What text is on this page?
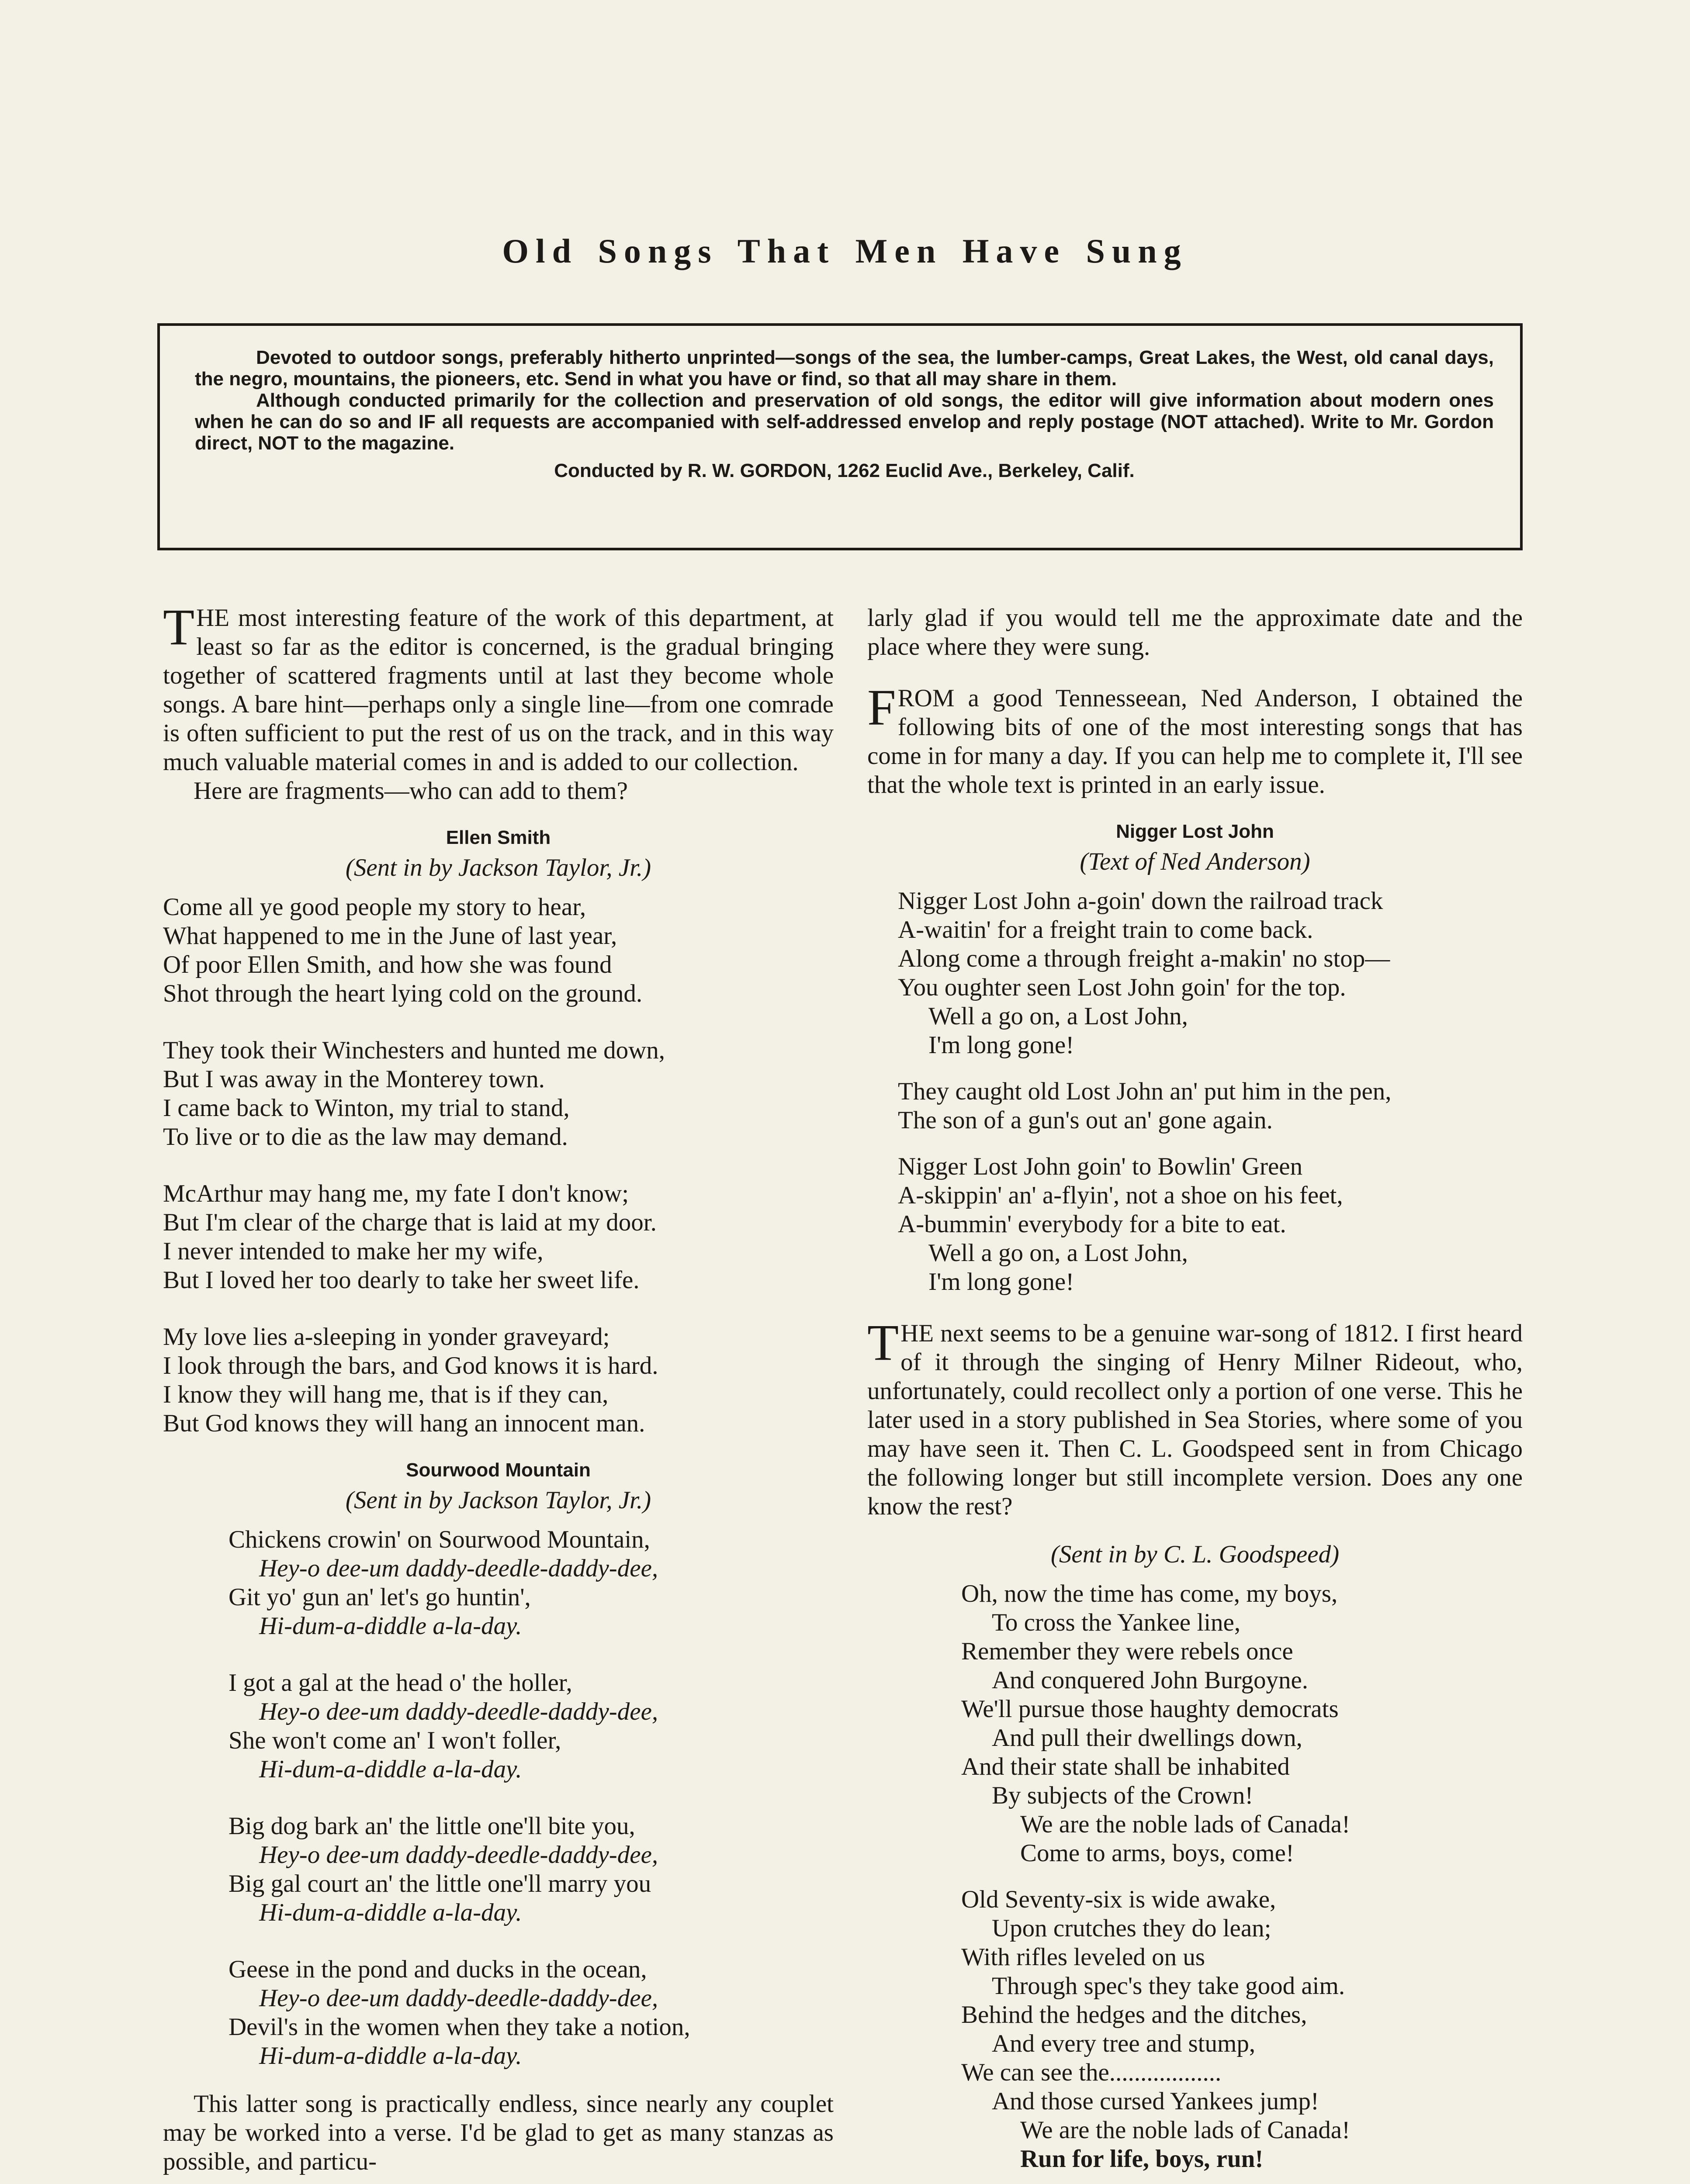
Old Songs That Men Have Sung

Devoted to outdoor songs, preferably hitherto unprinted—songs of the sea, the lumber-camps, Great Lakes, the West, old canal days, the negro, mountains, the pioneers, etc. Send in what you have or find, so that all may share in them.

Although conducted primarily for the collection and preservation of old songs, the editor will give information about modern ones when he can do so and IF all requests are accompanied with self-addressed envelop and reply postage (NOT attached). Write to Mr. Gordon direct, NOT to the magazine.

Conducted by R. W. GORDON, 1262 Euclid Ave., Berkeley, Calif.

THE most interesting feature of the work of this department, at least so far as the editor is concerned, is the gradual bringing together of scattered fragments until at last they become whole songs. A bare hint—perhaps only a single line—from one comrade is often sufficient to put the rest of us on the track, and in this way much valuable material comes in and is added to our collection.

Here are fragments—who can add to them?

Ellen Smith
(Sent in by Jackson Taylor, Jr.)
Come all ye good people my story to hear,
What happened to me in the June of last year,
Of poor Ellen Smith, and how she was found
Shot through the heart lying cold on the ground.
They took their Winchesters and hunted me down,
But I was away in the Monterey town.
I came back to Winton, my trial to stand,
To live or to die as the law may demand.
McArthur may hang me, my fate I don't know;
But I'm clear of the charge that is laid at my door.
I never intended to make her my wife,
But I loved her too dearly to take her sweet life.
My love lies a-sleeping in yonder graveyard;
I look through the bars, and God knows it is hard.
I know they will hang me, that is if they can,
But God knows they will hang an innocent man.
Sourwood Mountain
(Sent in by Jackson Taylor, Jr.)
Chickens crowin' on Sourwood Mountain,
Hey-o dee-um daddy-deedle-daddy-dee,
Git yo' gun an' let's go huntin',
Hi-dum-a-diddle a-la-day.
I got a gal at the head o' the holler,
Hey-o dee-um daddy-deedle-daddy-dee,
She won't come an' I won't foller,
Hi-dum-a-diddle a-la-day.
Big dog bark an' the little one'll bite you,
Hey-o dee-um daddy-deedle-daddy-dee,
Big gal court an' the little one'll marry you
Hi-dum-a-diddle a-la-day.
Geese in the pond and ducks in the ocean,
Hey-o dee-um daddy-deedle-daddy-dee,
Devil's in the women when they take a notion,
Hi-dum-a-diddle a-la-day.

This latter song is practically endless, since nearly any couplet may be worked into a verse. I'd be glad to get as many stanzas as possible, and particu-

larly glad if you would tell me the approximate date and the place where they were sung.

FROM a good Tennesseean, Ned Anderson, I obtained the following bits of one of the most interesting songs that has come in for many a day. If you can help me to complete it, I'll see that the whole text is printed in an early issue.

Nigger Lost John
(Text of Ned Anderson)
Nigger Lost John a-goin' down the railroad track
A-waitin' for a freight train to come back.
Along come a through freight a-makin' no stop—
You oughter seen Lost John goin' for the top.
Well a go on, a Lost John,
I'm long gone!
They caught old Lost John an' put him in the pen,
The son of a gun's out an' gone again.
Nigger Lost John goin' to Bowlin' Green
A-skippin' an' a-flyin', not a shoe on his feet,
A-bummin' everybody for a bite to eat.
Well a go on, a Lost John,
I'm long gone!

THE next seems to be a genuine war-song of 1812. I first heard of it through the singing of Henry Milner Rideout, who, unfortunately, could recollect only a portion of one verse. This he later used in a story published in Sea Stories, where some of you may have seen it. Then C. L. Goodspeed sent in from Chicago the following longer but still incomplete version. Does any one know the rest?

(Sent in by C. L. Goodspeed)
Oh, now the time has come, my boys,
To cross the Yankee line,
Remember they were rebels once
And conquered John Burgoyne.
We'll pursue those haughty democrats
And pull their dwellings down,
And their state shall be inhabited
By subjects of the Crown!
We are the noble lads of Canada!
Come to arms, boys, come!
Old Seventy-six is wide awake,
Upon crutches they do lean;
With rifles leveled on us
Through spec's they take good aim.
Behind the hedges and the ditches,
And every tree and stump,
We can see the..................
And those cursed Yankees jump!
We are the noble lads of Canada!
Run for life, boys, run!
